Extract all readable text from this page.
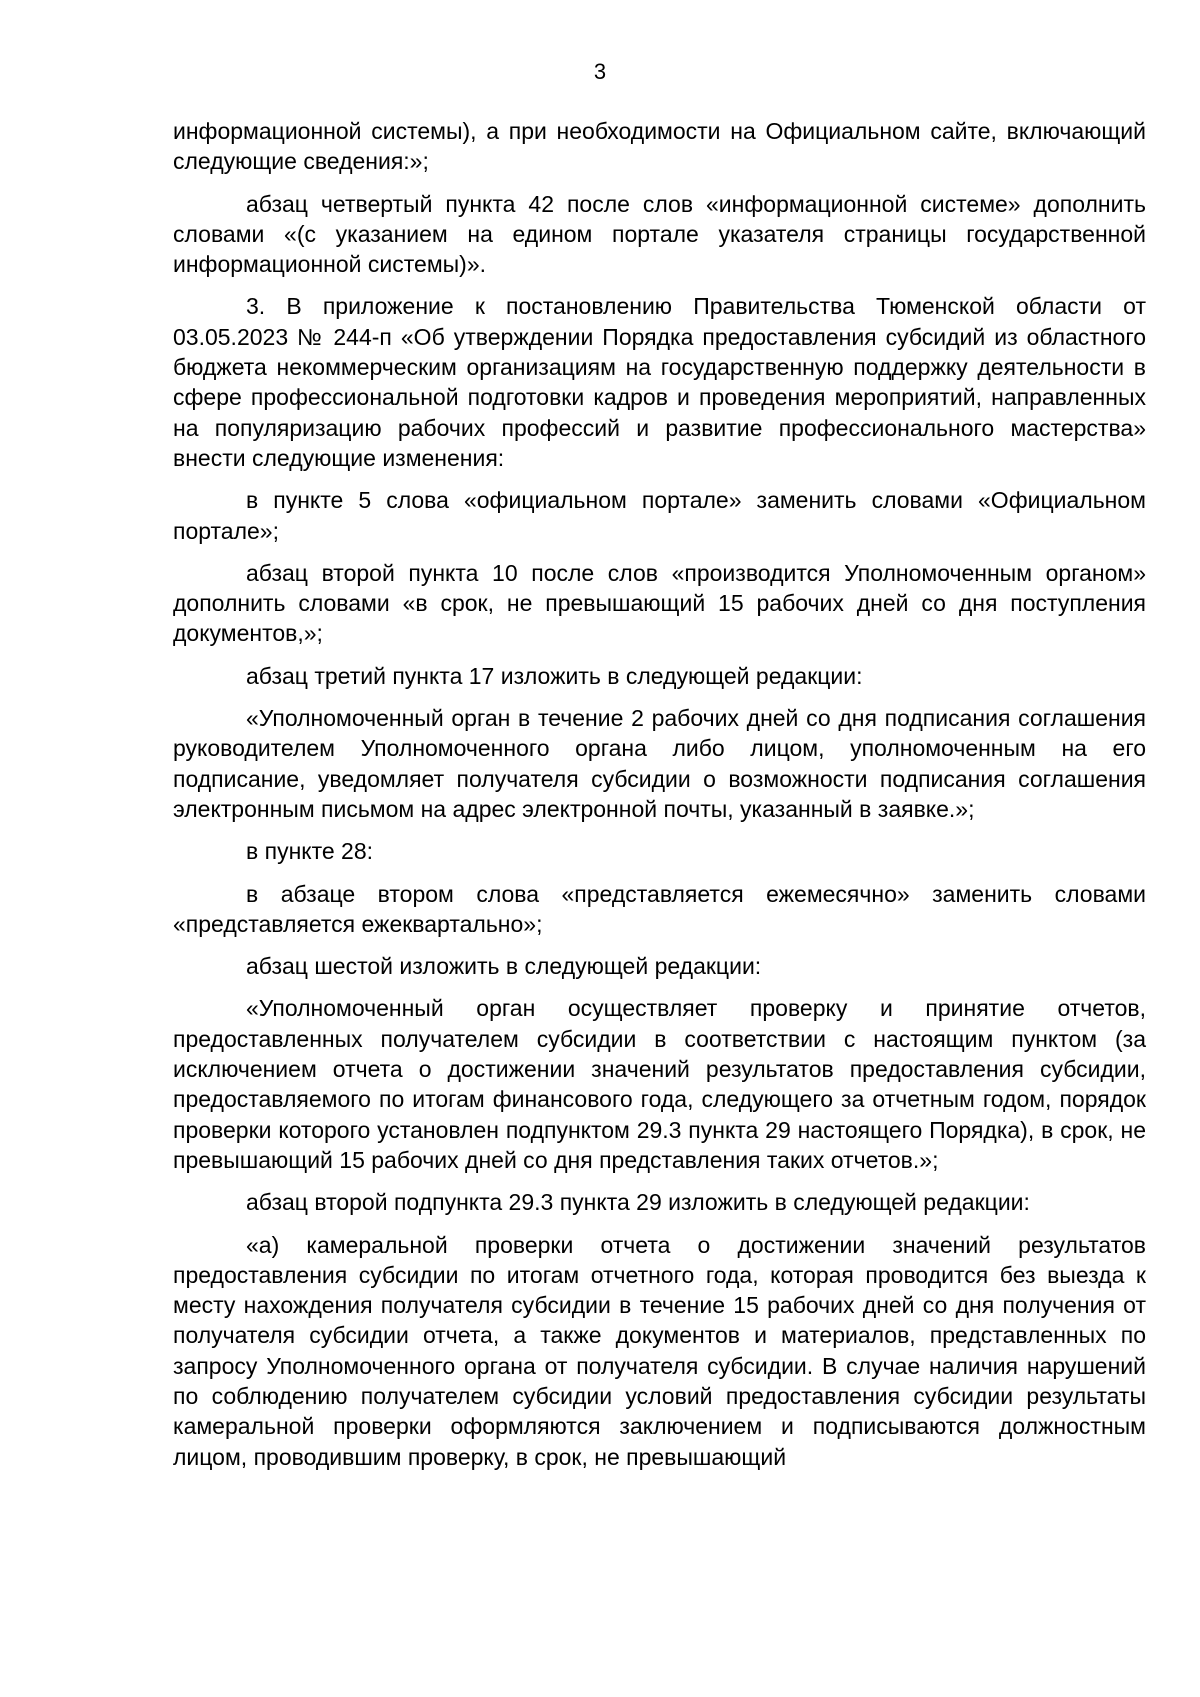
3

информационной системы), а при необходимости на Официальном сайте, включающий следующие сведения:»;

абзац четвертый пункта 42 после слов «информационной системе» дополнить словами «(с указанием на едином портале указателя страницы государственной информационной системы)».

3. В приложение к постановлению Правительства Тюменской области от 03.05.2023 № 244-п «Об утверждении Порядка предоставления субсидий из областного бюджета некоммерческим организациям на государственную поддержку деятельности в сфере профессиональной подготовки кадров и проведения мероприятий, направленных на популяризацию рабочих профессий и развитие профессионального мастерства» внести следующие изменения:

в пункте 5 слова «официальном портале» заменить словами «Официальном портале»;

абзац второй пункта 10 после слов «производится Уполномоченным органом» дополнить словами «в срок, не превышающий 15 рабочих дней со дня поступления документов,»;

абзац третий пункта 17 изложить в следующей редакции:

«Уполномоченный орган в течение 2 рабочих дней со дня подписания соглашения руководителем Уполномоченного органа либо лицом, уполномоченным на его подписание, уведомляет получателя субсидии о возможности подписания соглашения электронным письмом на адрес электронной почты, указанный в заявке.»;

в пункте 28:

в абзаце втором слова «представляется ежемесячно» заменить словами «представляется ежеквартально»;

абзац шестой изложить в следующей редакции:

«Уполномоченный орган осуществляет проверку и принятие отчетов, предоставленных получателем субсидии в соответствии с настоящим пунктом (за исключением отчета о достижении значений результатов предоставления субсидии, предоставляемого по итогам финансового года, следующего за отчетным годом, порядок проверки которого установлен подпунктом 29.3 пункта 29 настоящего Порядка), в срок, не превышающий 15 рабочих дней со дня представления таких отчетов.»;

абзац второй подпункта 29.3 пункта 29 изложить в следующей редакции:

«а) камеральной проверки отчета о достижении значений результатов предоставления субсидии по итогам отчетного года, которая проводится без выезда к месту нахождения получателя субсидии в течение 15 рабочих дней со дня получения от получателя субсидии отчета, а также документов и материалов, представленных по запросу Уполномоченного органа от получателя субсидии. В случае наличия нарушений по соблюдению получателем субсидии условий предоставления субсидии результаты камеральной проверки оформляются заключением и подписываются должностным лицом, проводившим проверку, в срок, не превышающий
